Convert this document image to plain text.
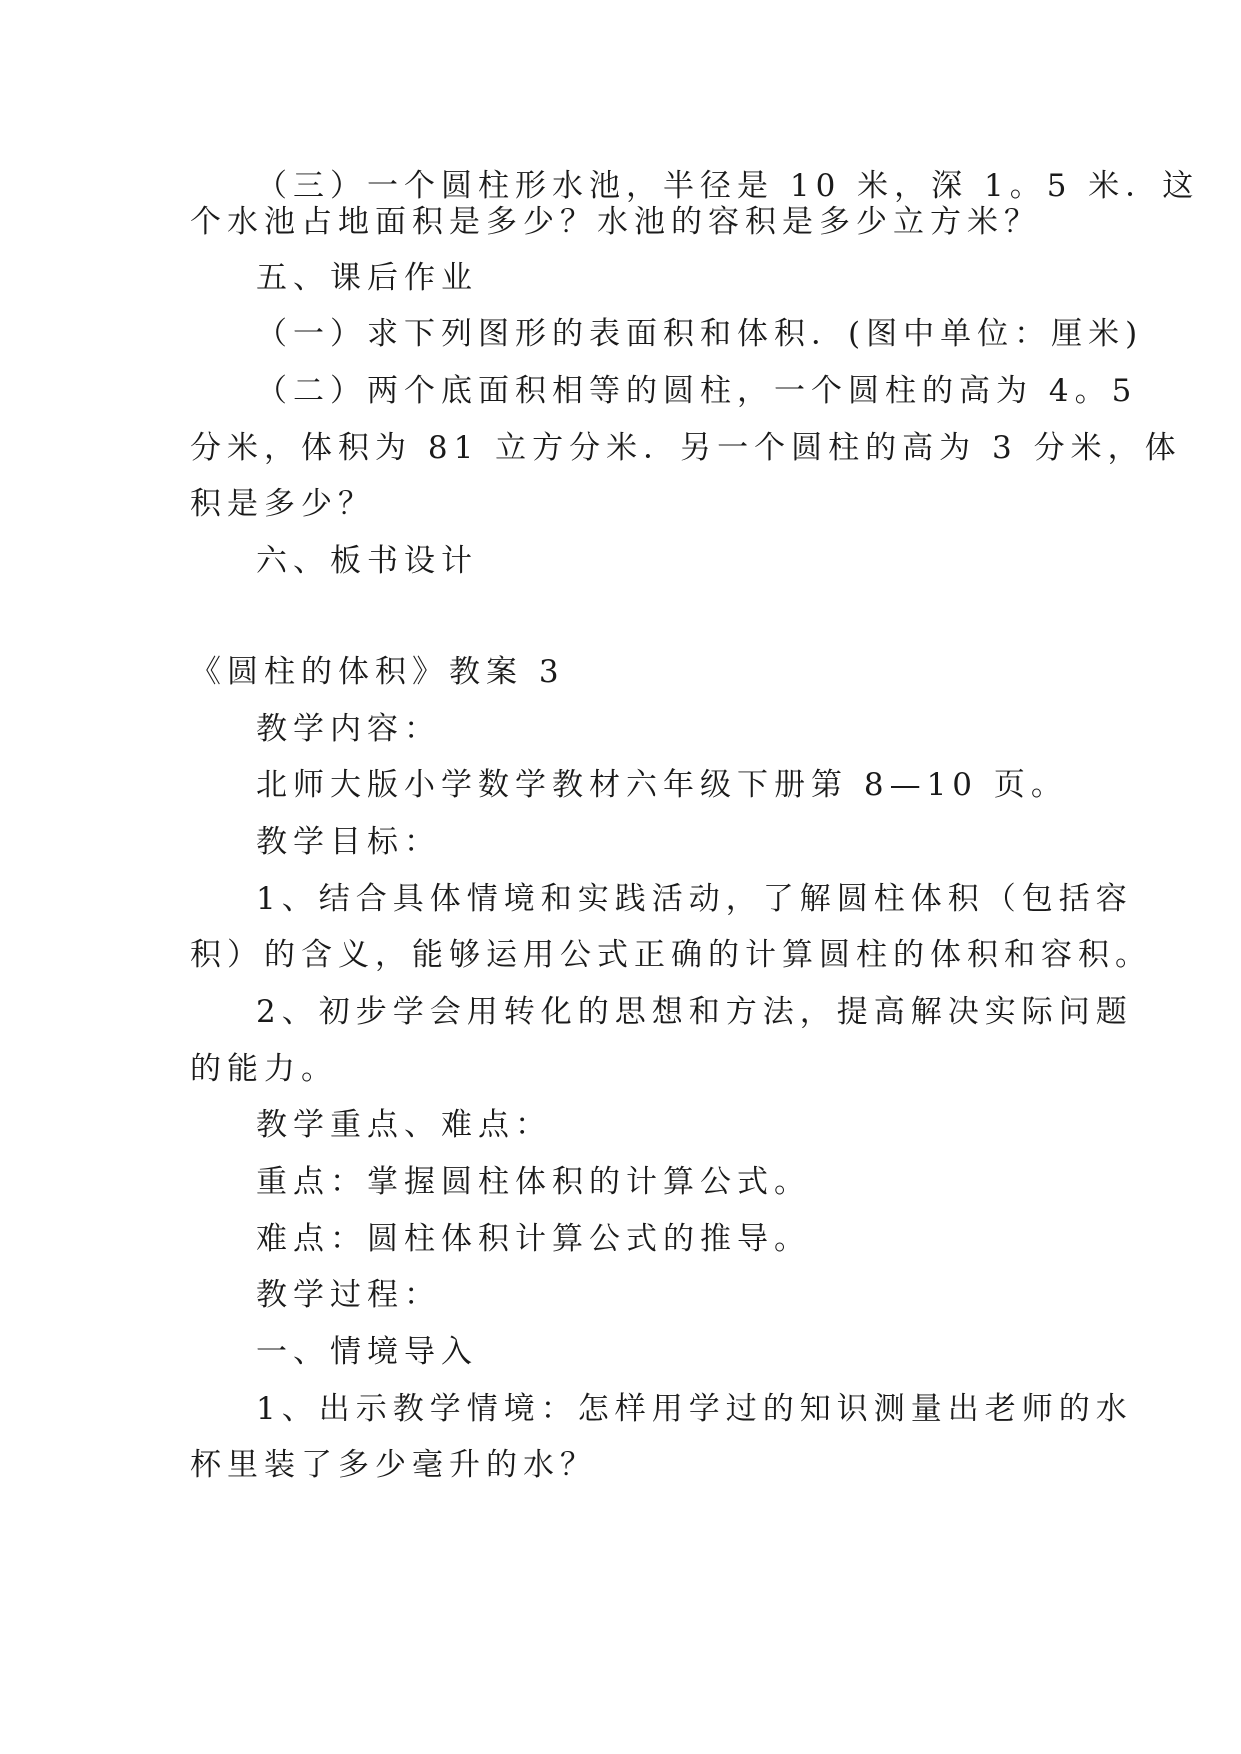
（三）一个圆柱形水池，半径是 10 米，深 1。5 米．这
个水池占地面积是多少？水池的容积是多少立方米？
五、课后作业
（一）求下列图形的表面积和体积．(图中单位：厘米)
（二）两个底面积相等的圆柱，一个圆柱的高为 4。5
分米，体积为 81 立方分米．另一个圆柱的高为 3 分米，体
积是多少？
六、板书设计
《圆柱的体积》教案 3
教学内容：
北师大版小学数学教材六年级下册第 8—10 页。
教学目标：
1、结合具体情境和实践活动，了解圆柱体积（包括容
积）的含义，能够运用公式正确的计算圆柱的体积和容积。
2、初步学会用转化的思想和方法，提高解决实际问题
的能力。
教学重点、难点：
重点：掌握圆柱体积的计算公式。
难点：圆柱体积计算公式的推导。
教学过程：
一、情境导入
1、出示教学情境：怎样用学过的知识测量出老师的水
杯里装了多少毫升的水？
